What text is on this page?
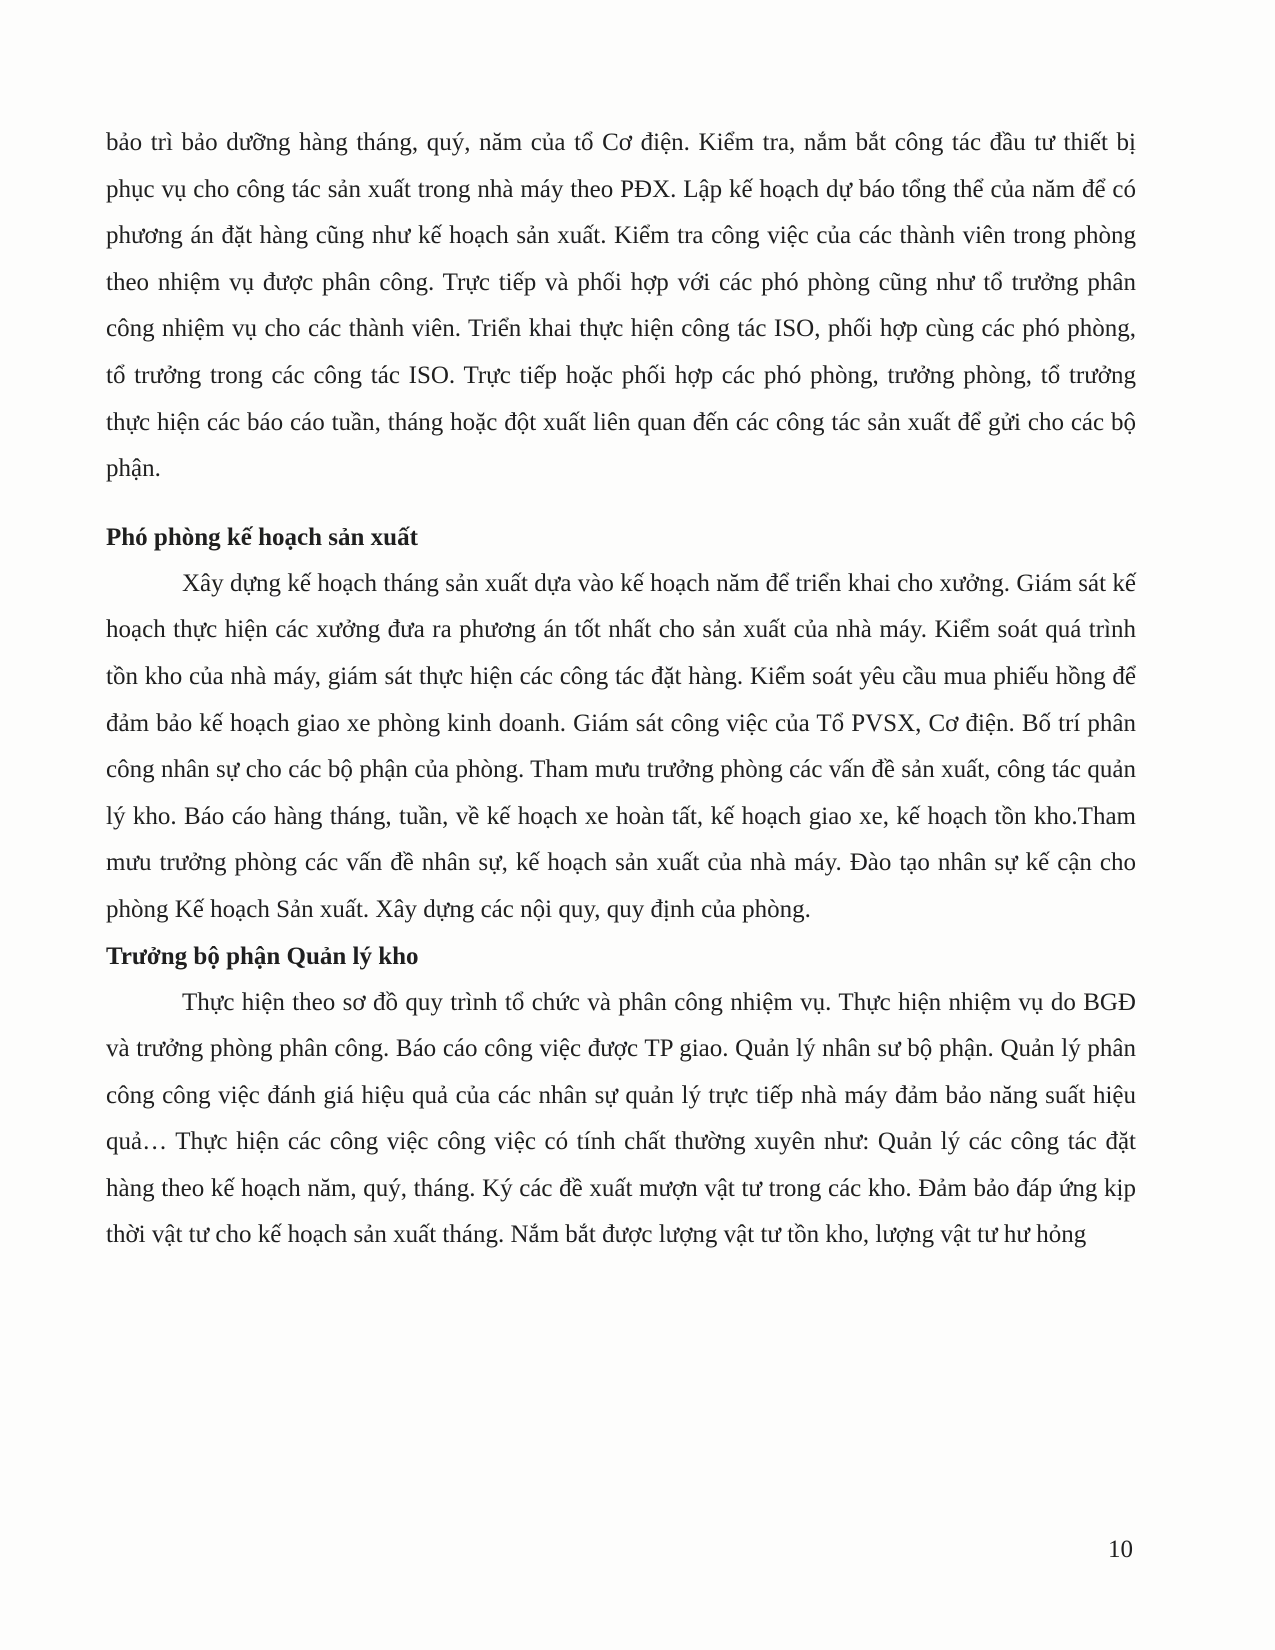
bảo trì bảo dưỡng hàng tháng, quý, năm của tổ Cơ điện. Kiểm tra, nắm bắt công tác đầu tư thiết bị phục vụ cho công tác sản xuất trong nhà máy theo PĐX. Lập kế hoạch dự báo tổng thể của năm để có phương án đặt hàng cũng như kế hoạch sản xuất. Kiểm tra công việc của các thành viên trong phòng theo nhiệm vụ được phân công. Trực tiếp và phối hợp với các phó phòng cũng như tổ trưởng phân công nhiệm vụ cho các thành viên. Triển khai thực hiện công tác ISO, phối hợp cùng các phó phòng, tổ trưởng trong các công tác ISO. Trực tiếp hoặc phối hợp các phó phòng, trưởng phòng, tổ trưởng thực hiện các báo cáo tuần, tháng hoặc đột xuất liên quan đến các công tác sản xuất để gửi cho các bộ phận.

Phó phòng kế hoạch sản xuất

Xây dựng kế hoạch tháng sản xuất dựa vào kế hoạch năm để triển khai cho xưởng. Giám sát kế hoạch thực hiện các xưởng đưa ra phương án tốt nhất cho sản xuất của nhà máy. Kiểm soát quá trình tồn kho của nhà máy, giám sát thực hiện các công tác đặt hàng. Kiểm soát yêu cầu mua phiếu hồng để đảm bảo kế hoạch giao xe phòng kinh doanh. Giám sát công việc của Tổ PVSX, Cơ điện. Bố trí phân công nhân sự cho các bộ phận của phòng. Tham mưu trưởng phòng các vấn đề sản xuất, công tác quản lý kho. Báo cáo hàng tháng, tuần, về kế hoạch xe hoàn tất, kế hoạch giao xe, kế hoạch tồn kho.Tham mưu trưởng phòng các vấn đề nhân sự, kế hoạch sản xuất của nhà máy. Đào tạo nhân sự kế cận cho phòng Kế hoạch Sản xuất. Xây dựng các nội quy, quy định của phòng.

Trưởng bộ phận Quản lý kho

Thực hiện theo sơ đồ quy trình tổ chức và phân công nhiệm vụ. Thực hiện nhiệm vụ do BGĐ và trưởng phòng phân công. Báo cáo công việc được TP giao. Quản lý nhân sư bộ phận. Quản lý phân công công việc đánh giá hiệu quả của các nhân sự quản lý trực tiếp nhà máy đảm bảo năng suất hiệu quả… Thực hiện các công việc công việc có tính chất thường xuyên như: Quản lý các công tác đặt hàng theo kế hoạch năm, quý, tháng. Ký các đề xuất mượn vật tư trong các kho. Đảm bảo đáp ứng kịp thời vật tư cho kế hoạch sản xuất tháng. Nắm bắt được lượng vật tư tồn kho, lượng vật tư hư hỏng

10
